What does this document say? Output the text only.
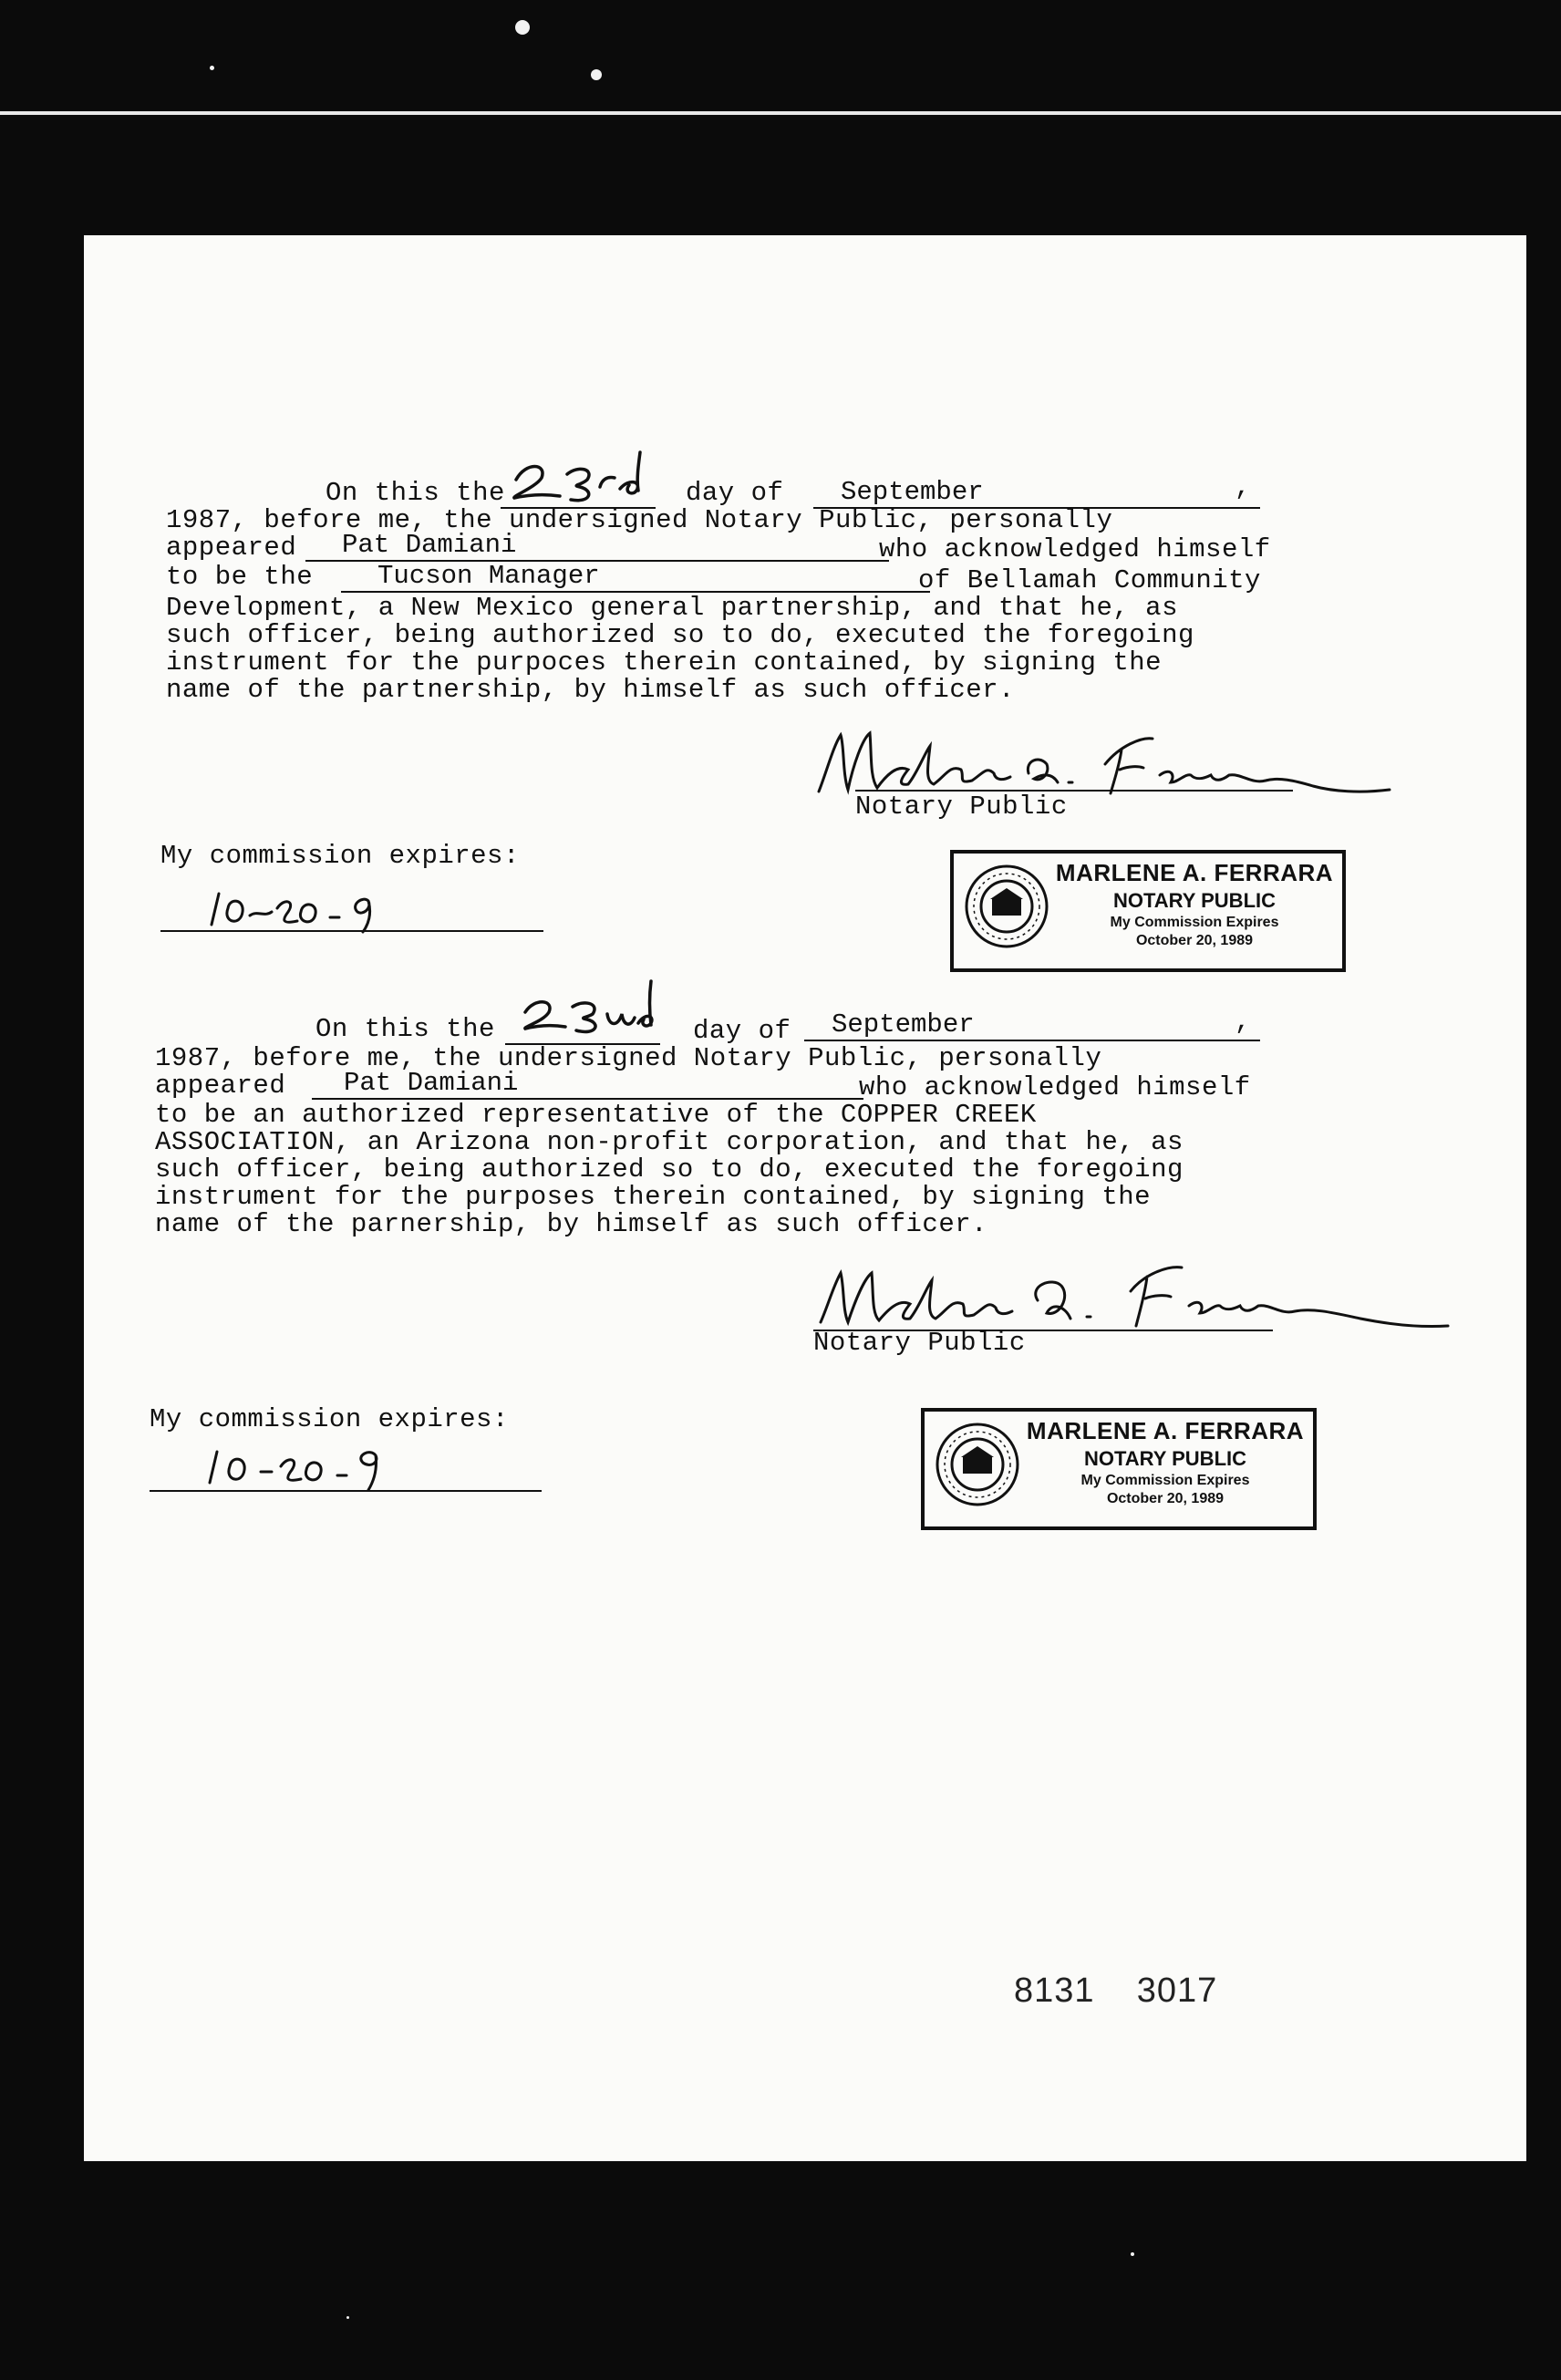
On this the	day of	September	,
1987, before me, the undersigned Notary Public, personally
appeared	Pat Damiani	who acknowledged himself
to be the	Tucson Manager	of Bellamah Community
Development, a New Mexico general partnership, and that he, as
such officer, being authorized so to do, executed the foregoing
instrument for the purpoces therein contained, by signing the
name of the partnership, by himself as such officer.
Notary Public
My commission expires:
MARLENE A. FERRARA
NOTARY PUBLIC
My Commission Expires
October 20, 1989
On this the	day of	September	,
1987, before me, the undersigned Notary Public, personally
appeared	Pat Damiani	who acknowledged himself
to be an authorized representative of the COPPER CREEK
ASSOCIATION, an Arizona non-profit corporation, and that he, as
such officer, being authorized so to do, executed the foregoing
instrument for the purposes therein contained, by signing the
name of the parnership, by himself as such officer.
Notary Public
My commission expires:	MARLENE A. FERRARA
NOTARY PUBLIC
My Commission Expires
October 20, 1989
8131    3017
